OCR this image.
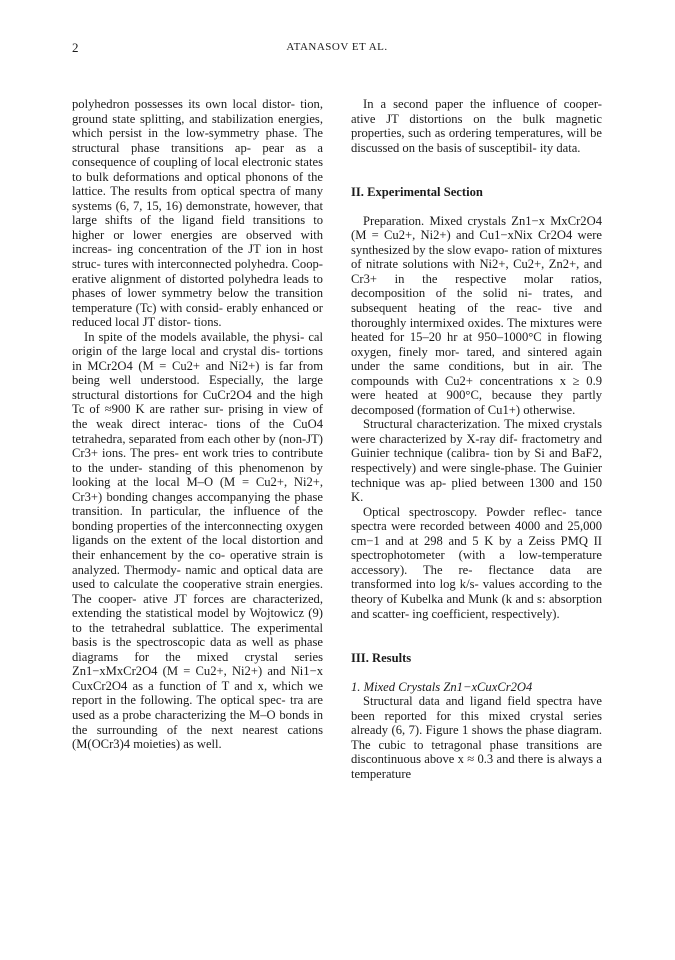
2	ATANASOV ET AL.

polyhedron possesses its own local distor- tion, ground state splitting, and stabilization energies, which persist in the low-symmetry phase. The structural phase transitions ap- pear as a consequence of coupling of local electronic states to bulk deformations and optical phonons of the lattice. The results from optical spectra of many systems (6, 7, 15, 16) demonstrate, however, that large shifts of the ligand field transitions to higher or lower energies are observed with increas- ing concentration of the JT ion in host struc- tures with interconnected polyhedra. Coop- erative alignment of distorted polyhedra leads to phases of lower symmetry below the transition temperature (Tc) with consid- erably enhanced or reduced local JT distor- tions.

In spite of the models available, the physi- cal origin of the large local and crystal dis- tortions in MCr2O4 (M = Cu2+ and Ni2+) is far from being well understood. Especially, the large structural distortions for CuCr2O4 and the high Tc of ≈900 K are rather sur- prising in view of the weak direct interac- tions of the CuO4 tetrahedra, separated from each other by (non-JT) Cr3+ ions. The pres- ent work tries to contribute to the under- standing of this phenomenon by looking at the local M–O (M = Cu2+, Ni2+, Cr3+) bonding changes accompanying the phase transition. In particular, the influence of the bonding properties of the interconnecting oxygen ligands on the extent of the local distortion and their enhancement by the co- operative strain is analyzed. Thermody- namic and optical data are used to calculate the cooperative strain energies. The cooper- ative JT forces are characterized, extending the statistical model by Wojtowicz (9) to the tetrahedral sublattice. The experimental basis is the spectroscopic data as well as phase diagrams for the mixed crystal series Zn1−xMxCr2O4 (M = Cu2+, Ni2+) and Ni1−x CuxCr2O4 as a function of T and x, which we report in the following. The optical spec- tra are used as a probe characterizing the M–O bonds in the surrounding of the next nearest cations (M(OCr3)4 moieties) as well.

In a second paper the influence of cooper- ative JT distortions on the bulk magnetic properties, such as ordering temperatures, will be discussed on the basis of susceptibil- ity data.

II. Experimental Section

Preparation. Mixed crystals Zn1−x MxCr2O4 (M = Cu2+, Ni2+) and Cu1−xNix Cr2O4 were synthesized by the slow evapo- ration of mixtures of nitrate solutions with Ni2+, Cu2+, Zn2+, and Cr3+ in the respective molar ratios, decomposition of the solid ni- trates, and subsequent heating of the reac- tive and thoroughly intermixed oxides. The mixtures were heated for 15–20 hr at 950–1000°C in flowing oxygen, finely mor- tared, and sintered again under the same conditions, but in air. The compounds with Cu2+ concentrations x ≥ 0.9 were heated at 900°C, because they partly decomposed (formation of Cu1+) otherwise.

Structural characterization. The mixed crystals were characterized by X-ray dif- fractometry and Guinier technique (calibra- tion by Si and BaF2, respectively) and were single-phase. The Guinier technique was ap- plied between 1300 and 150 K.

Optical spectroscopy. Powder reflec- tance spectra were recorded between 4000 and 25,000 cm−1 and at 298 and 5 K by a Zeiss PMQ II spectrophotometer (with a low-temperature accessory). The re- flectance data are transformed into log k/s- values according to the theory of Kubelka and Munk (k and s: absorption and scatter- ing coefficient, respectively).

III. Results

1. Mixed Crystals Zn1−xCuxCr2O4

Structural data and ligand field spectra have been reported for this mixed crystal series already (6, 7). Figure 1 shows the phase diagram. The cubic to tetragonal phase transitions are discontinuous above x ≈ 0.3 and there is always a temperature
